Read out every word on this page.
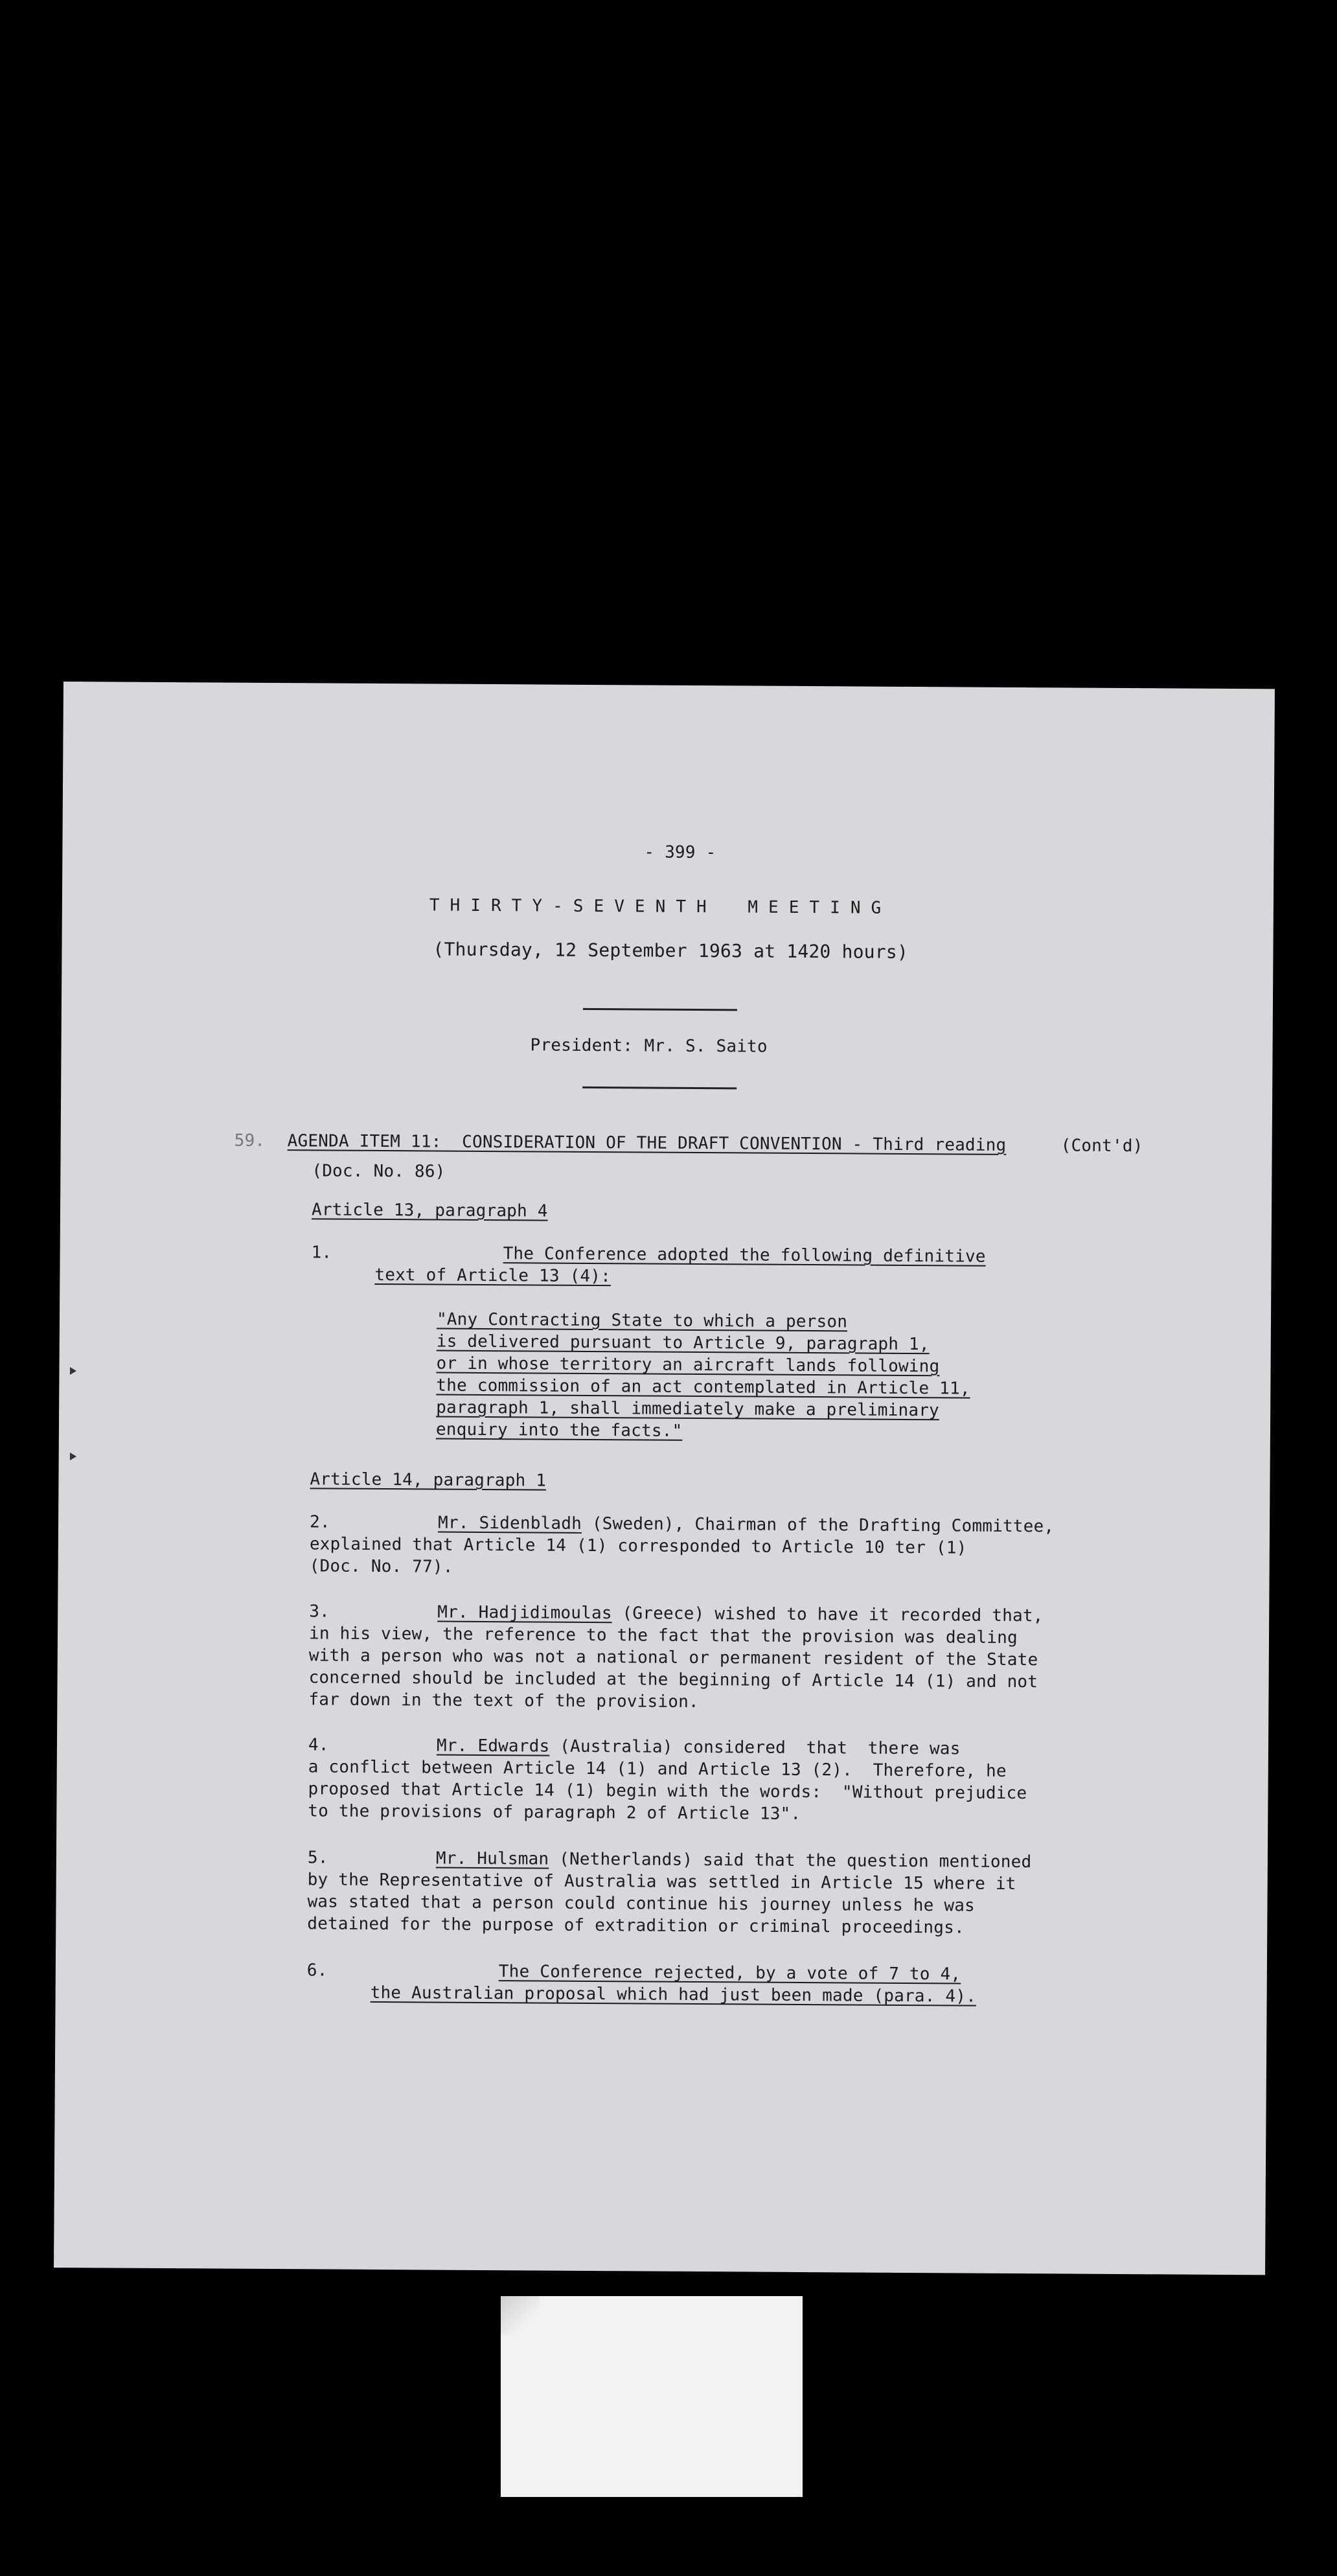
- 399 -
T H I R T Y - S E V E N T H    M E E T I N G
(Thursday, 12 September 1963 at 1420 hours)
President: Mr. S. Saito
59. AGENDA ITEM 11:  CONSIDERATION OF THE DRAFT CONVENTION - Third reading	(Cont'd)
(Doc. No. 86)
Article 13, paragraph 4
1.	The Conference adopted the following definitive
text of Article 13 (4):
"Any Contracting State to which a person
is delivered pursuant to Article 9, paragraph 1,
or in whose territory an aircraft lands following
the commission of an act contemplated in Article 11,
paragraph 1, shall immediately make a preliminary
enquiry into the facts."
Article 14, paragraph 1
2.	Mr. Sidenbladh (Sweden), Chairman of the Drafting Committee,
explained that Article 14 (1) corresponded to Article 10 ter (1)
(Doc. No. 77).
3.	Mr. Hadjidimoulas (Greece) wished to have it recorded that,
in his view, the reference to the fact that the provision was dealing
with a person who was not a national or permanent resident of the State
concerned should be included at the beginning of Article 14 (1) and not
far down in the text of the provision.
4.	Mr. Edwards (Australia) considered  that  there was
a conflict between Article 14 (1) and Article 13 (2).  Therefore, he
proposed that Article 14 (1) begin with the words:  "Without prejudice
to the provisions of paragraph 2 of Article 13".
5.	Mr. Hulsman (Netherlands) said that the question mentioned
by the Representative of Australia was settled in Article 15 where it
was stated that a person could continue his journey unless he was
detained for the purpose of extradition or criminal proceedings.
6.	The Conference rejected, by a vote of 7 to 4,
the Australian proposal which had just been made (para. 4).
